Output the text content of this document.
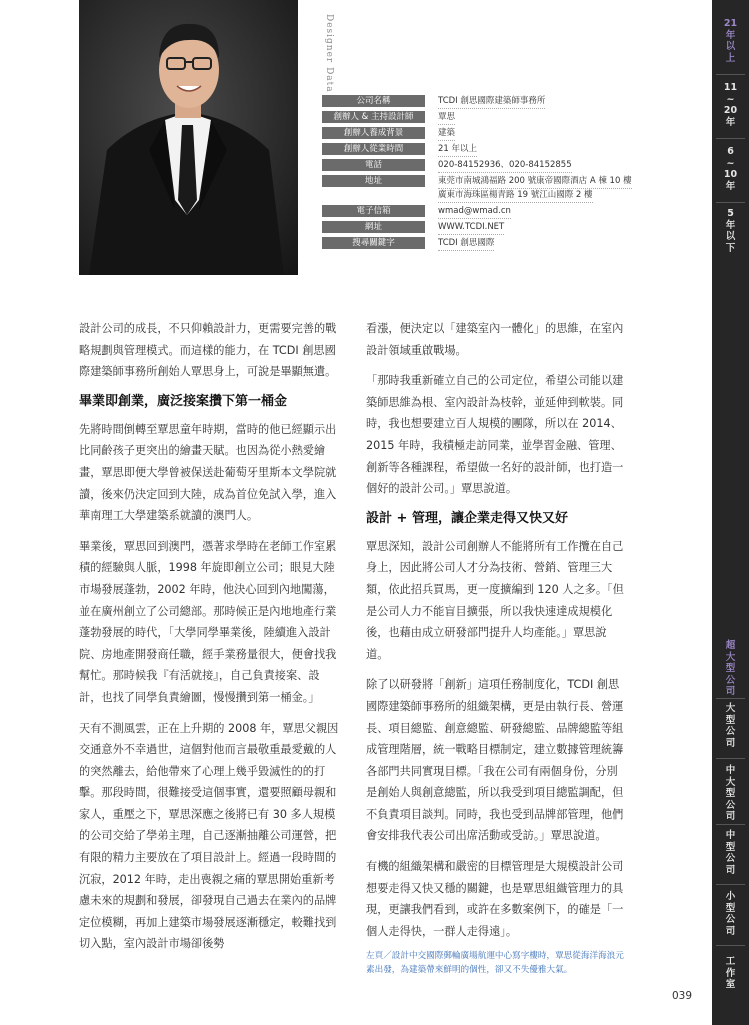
Designer Data
公司名稱	TCDI 創思國際建築師事務所
創辦人 & 主持設計師	覃思
創辦人養成背景	建築
創辦人從業時間	21 年以上
電話	020-84152936、020-84152855
地址	東莞市南城鴻福路 200 號康帝國際酒店 A 棟 10 樓
廣東市海珠區楊青路 19 號江山國際 2 樓
電子信箱	wmad@wmad.cn
網址	WWW.TCDI.NET
搜尋關鍵字	TCDI 創思國際

設計公司的成長，不只仰賴設計力，更需要完善的戰略規劃與管理模式。而這樣的能力，在 TCDI 創思國際建築師事務所創始人覃思身上，可說是畢顯無遺。

畢業即創業，廣泛接案攢下第一桶金

先將時間倒轉至覃思童年時期，當時的他已經顯示出比同齡孩子更突出的繪畫天賦。也因為從小熱愛繪畫，覃思即便大學曾被保送赴葡萄牙里斯本文學院就讀，後來仍決定回到大陸，成為首位免試入學，進入華南理工大學建築系就讀的澳門人。

畢業後，覃思回到澳門，憑著求學時在老師工作室累積的經驗與人脈，1998 年旋即創立公司；眼見大陸市場發展蓬勃，2002 年時，他決心回到內地闖蕩，並在廣州創立了公司總部。那時候正是內地地產行業蓬勃發展的時代，「大學同學畢業後，陸續進入設計院、房地產開發商任職，經手業務量很大，便會找我幫忙。那時候我『有活就接』，自己負責接案、設計，也找了同學負責繪圖，慢慢攢到第一桶金。」

天有不測風雲，正在上升期的 2008 年，覃思父親因交通意外不幸過世，這個對他而言最敬重最愛戴的人的突然離去，給他帶來了心理上幾乎毀滅性的的打擊。那段時間，很難接受這個事實，還要照顧母親和家人，重壓之下，覃思深應之後將已有 30 多人規模的公司交給了學弟主理，自己逐漸抽離公司運營，把有限的精力主要放在了項目設計上。經過一段時間的沉寂，2012 年時，走出喪親之痛的覃思開始重新考慮未來的規劃和發展，卻發現自己過去在業內的品牌定位模糊，再加上建築市場發展逐漸穩定，較難找到切入點，室內設計市場卻後勢

看漲，便決定以「建築室內一體化」的思維，在室內設計領域重啟戰場。

「那時我重新確立自己的公司定位，希望公司能以建築師思維為根、室內設計為枝幹，並延伸到軟裝。同時，我也想要建立百人規模的團隊，所以在 2014、2015 年時，我積極走訪同業，並學習金融、管理、創新等各種課程，希望做一名好的設計師，也打造一個好的設計公司。」覃思說道。

設計 + 管理，讓企業走得又快又好

覃思深知，設計公司創辦人不能將所有工作攬在自己身上，因此將公司人才分為技術、營銷、管理三大類，依此招兵買馬，更一度擴編到 120 人之多。「但是公司人力不能盲目擴張，所以我快速達成規模化後，也藉由成立研發部門提升人均產能。」覃思說道。

除了以研發將「創新」這項任務制度化，TCDI 創思國際建築師事務所的組織架構，更是由執行長、營運長、項目總監、創意總監、研發總監、品牌總監等組成管理階層，統一戰略目標制定，建立數據管理統籌各部門共同實現目標。「我在公司有兩個身份，分別是創始人與創意總監，所以我受到項目總監調配，但不負責項目談判。同時，我也受到品牌部管理，他們會安排我代表公司出席活動或受訪。」覃思說道。

有機的組織架構和嚴密的目標管理是大規模設計公司想要走得又快又穩的關鍵，也是覃思組織管理力的具現，更讓我們看到，或許在多數案例下，的確是「一個人走得快，一群人走得遠」。

左頁／設計中交國際郵輪廣場航運中心寫字樓時，覃思從海洋海浪元素出發，為建築帶來鮮明的個性，卻又不失優雅大氣。
039
21
年
以
上
11
~
20
年
6
~
10
年
5
年
以
下
超
大
型
公
司
大
型
公
司
中
大
型
公
司
中
型
公
司
小
型
公
司
工
作
室
